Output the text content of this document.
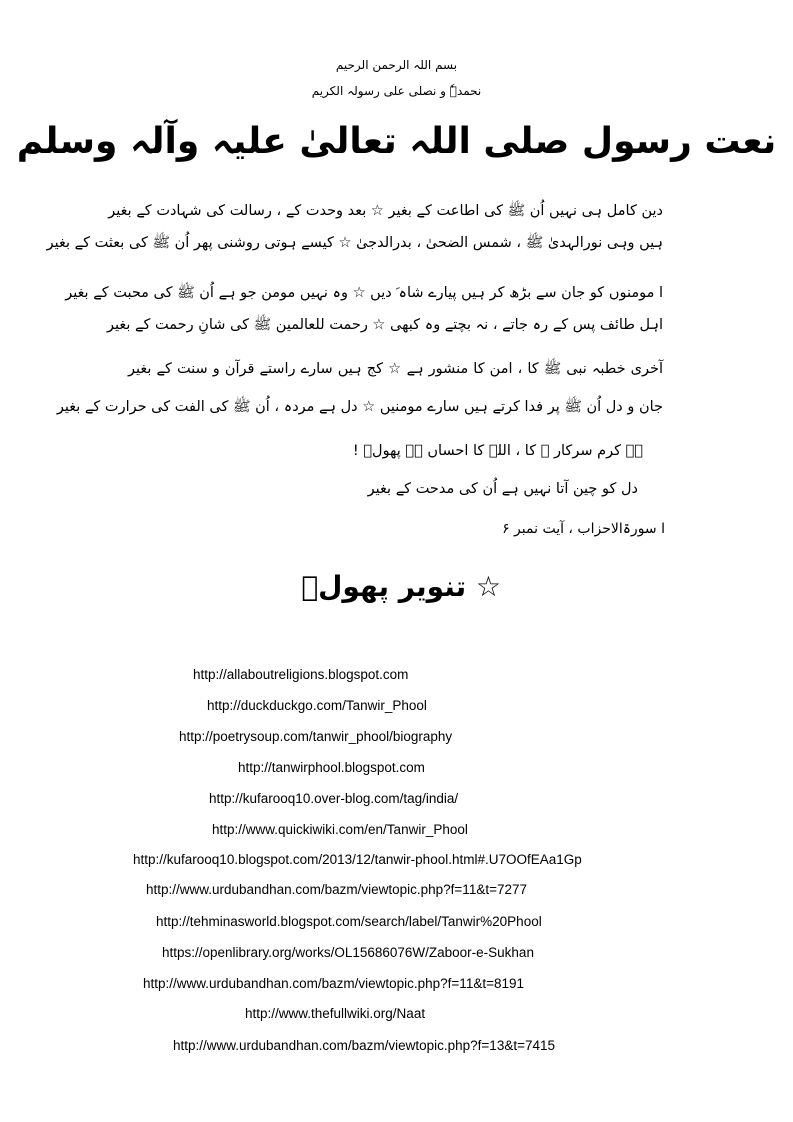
بسم اللہ الرحمن الرحیم
نحمدہٗ و نصلی علی رسولہ الکریم
نعت رسول صلی اللہ تعالیٰ علیہ وآلہ وسلم
دین کامل ہی نہیں اُن ﷺ کی اطاعت کے بغیر ☆ بعد وحدت کے ، رسالت کی شہادت کے بغیر
ہیں وہی نورالہدیٰ ﷺ ، شمس الضحیٰ ، بدرالدجیٰ ☆ کیسے ہوتی روشنی پھر اُن ﷺ کی بعثت کے بغیر
ا مومنوں کو جان سے بڑھ کر ہیں پیارے شاہ ؐ دیں ☆ وہ نہیں مومن جو ہے اُن ﷺ کی محبت کے بغیر
اہل طائف پس کے رہ جاتے ، نہ بچتے وہ کبھی ☆ رحمت للعالمین ﷺ کی شانِ رحمت کے بغیر
آخری خطبہ نبی ﷺ کا ، امن کا منشور ہے ☆ کج ہیں سارے راستے قرآن و سنت کے بغیر
جان و دل اُن ﷺ پر فدا کرتے ہیں سارے مومنیں ☆ دل ہے مردہ ، اُن ﷺ کی الفت کی حرارت کے بغیر
ہے کرم سرکار ﷺ کا ، اللہ کا احساں ہے پھولؔ !
دل کو چین آتا نہیں ہے اُن کی مدحت کے بغیر
ا سورۃالاحزاب ، آیت نمبر ۶
☆ تنویر پھولؔ
http://allaboutreligions.blogspot.com
http://duckduckgo.com/Tanwir_Phool
http://poetrysoup.com/tanwir_phool/biography
http://tanwirphool.blogspot.com
http://kufarooq10.over-blog.com/tag/india/
http://www.quickiwiki.com/en/Tanwir_Phool
http://kufarooq10.blogspot.com/2013/12/tanwir-phool.html#.U7OOfEAa1Gp
http://www.urdubandhan.com/bazm/viewtopic.php?f=11&t=7277
http://tehminasworld.blogspot.com/search/label/Tanwir%20Phool
https://openlibrary.org/works/OL15686076W/Zaboor-e-Sukhan
http://www.urdubandhan.com/bazm/viewtopic.php?f=11&t=8191
http://www.thefullwiki.org/Naat
http://www.urdubandhan.com/bazm/viewtopic.php?f=13&t=7415
